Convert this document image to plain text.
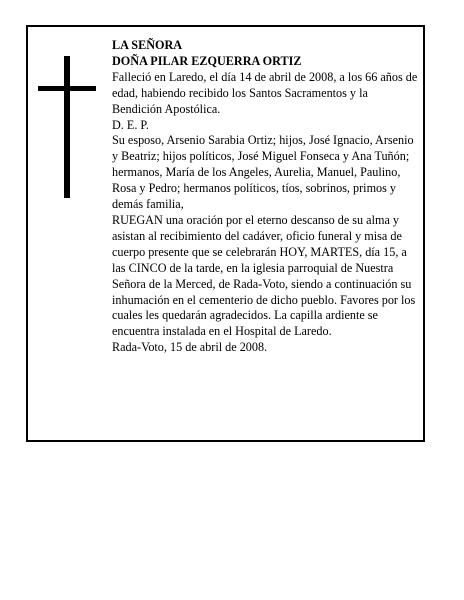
LA SEÑORA

DOÑA PILAR EZQUERRA ORTIZ

Falleció en Laredo, el día 14 de abril de 2008, a los 66 años de edad, habiendo recibido los Santos Sacramentos y la Bendición Apostólica.

D. E. P.

Su esposo, Arsenio Sarabia Ortiz; hijos, José Ignacio, Arsenio y Beatriz; hijos políticos, José Miguel Fonseca y Ana Tuñón; hermanos, María de los Angeles, Aurelia, Manuel, Paulino, Rosa y Pedro; hermanos políticos, tíos, sobrinos, primos y demás familia,

RUEGAN una oración por el eterno descanso de su alma y asistan al recibimiento del cadáver, oficio funeral y misa de cuerpo presente que se celebrarán HOY, MARTES, día 15, a las CINCO de la tarde, en la iglesia parroquial de Nuestra Señora de la Merced, de Rada-Voto, siendo a continuación su inhumación en el cementerio de dicho pueblo. Favores por los cuales les quedarán agradecidos. La capilla ardiente se encuentra instalada en el Hospital de Laredo.

Rada-Voto, 15 de abril de 2008.
